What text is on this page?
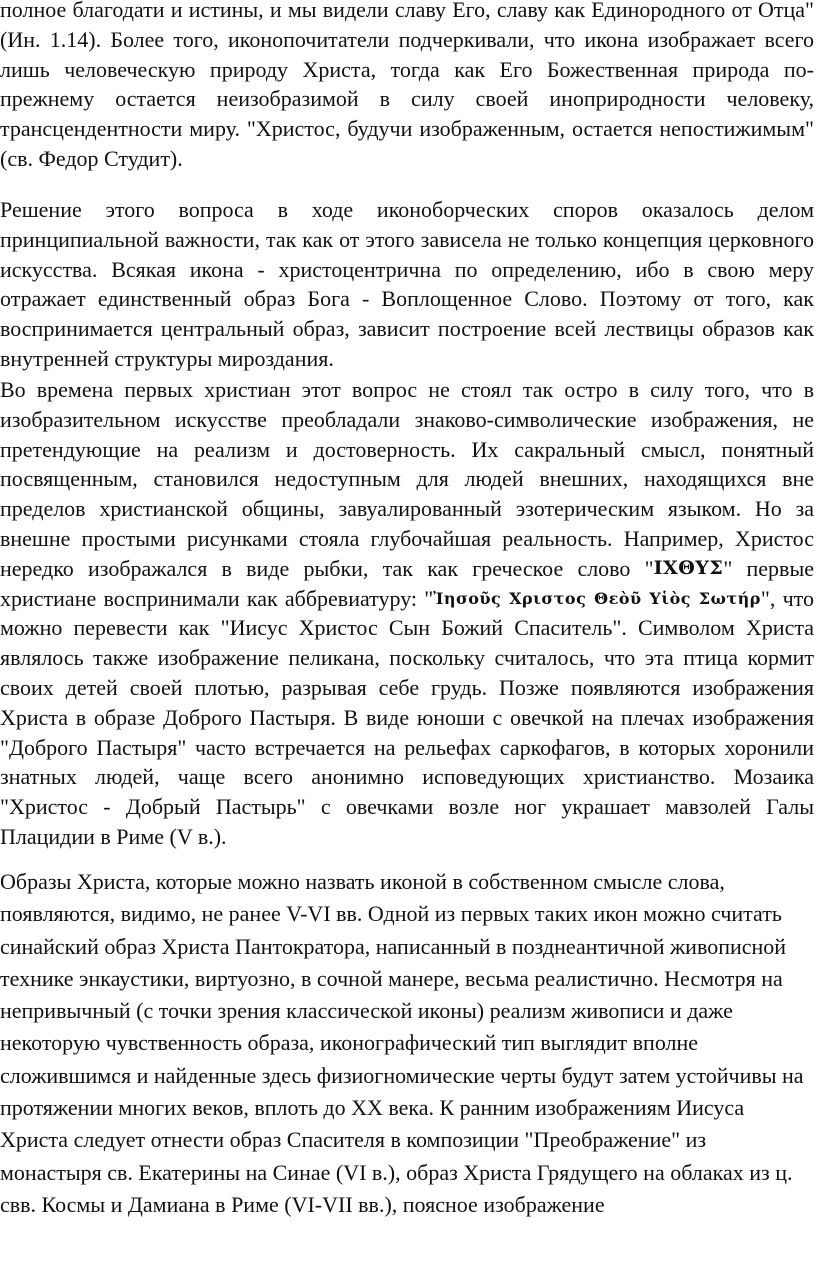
полное благодати и истины, и мы видели славу Его, славу как Единородного от Отца" (Ин. 1.14). Более того, иконопочитатели подчеркивали, что икона изображает всего лишь человеческую природу Христа, тогда как Его Божественная природа по-прежнему остается неизобразимой в силу своей иноприродности человеку, трансцендентности миру. "Христос, будучи изображенным, остается непостижимым" (св. Федор Студит).

Решение этого вопроса в ходе иконоборческих споров оказалось делом принципиальной важности, так как от этого зависела не только концепция церковного искусства. Всякая икона - христоцентрична по определению, ибо в свою меру отражает единственный образ Бога - Воплощенное Слово. Поэтому от того, как воспринимается центральный образ, зависит построение всей лествицы образов как внутренней структуры мироздания.

Во времена первых христиан этот вопрос не стоял так остро в силу того, что в изобразительном искусстве преобладали знаково-символические изображения, не претендующие на реализм и достоверность. Их сакральный смысл, понятный посвященным, становился недоступным для людей внешних, находящихся вне пределов христианской общины, завуалированный эзотерическим языком. Но за внешне простыми рисунками стояла глубочайшая реальность. Например, Христос нередко изображался в виде рыбки, так как греческое слово "ΙΧΘΥΣ" первые христиане воспринимали как аббревиатуру: "Ἰησοῦς Χριστος Θεὸῦ Υἱὸς Σωτήρ", что можно перевести как "Иисус Христос Сын Божий Спаситель". Символом Христа являлось также изображение пеликана, поскольку считалось, что эта птица кормит своих детей своей плотью, разрывая себе грудь. Позже появляются изображения Христа в образе Доброго Пастыря. В виде юноши с овечкой на плечах изображения "Доброго Пастыря" часто встречается на рельефах саркофагов, в которых хоронили знатных людей, чаще всего анонимно исповедующих христианство. Мозаика "Христос - Добрый Пастырь" с овечками возле ног украшает мавзолей Галы Плацидии в Риме (V в.).

Образы Христа, которые можно назвать иконой в собственном смысле слова, появляются, видимо, не ранее V-VI вв. Одной из первых таких икон можно считать синайский образ Христа Пантократора, написанный в позднеантичной живописной технике энкаустики, виртуозно, в сочной манере, весьма реалистично. Несмотря на непривычный (с точки зрения классической иконы) реализм живописи и даже некоторую чувственность образа, иконографический тип выглядит вполне сложившимся и найденные здесь физиогномические черты будут затем устойчивы на протяжении многих веков, вплоть до XX века. К ранним изображениям Иисуса Христа следует отнести образ Спасителя в композиции "Преображение" из монастыря св. Екатерины на Синае (VI в.), образ Христа Грядущего на облаках из ц. свв. Космы и Дамиана в Риме (VI-VII вв.), поясное изображение
